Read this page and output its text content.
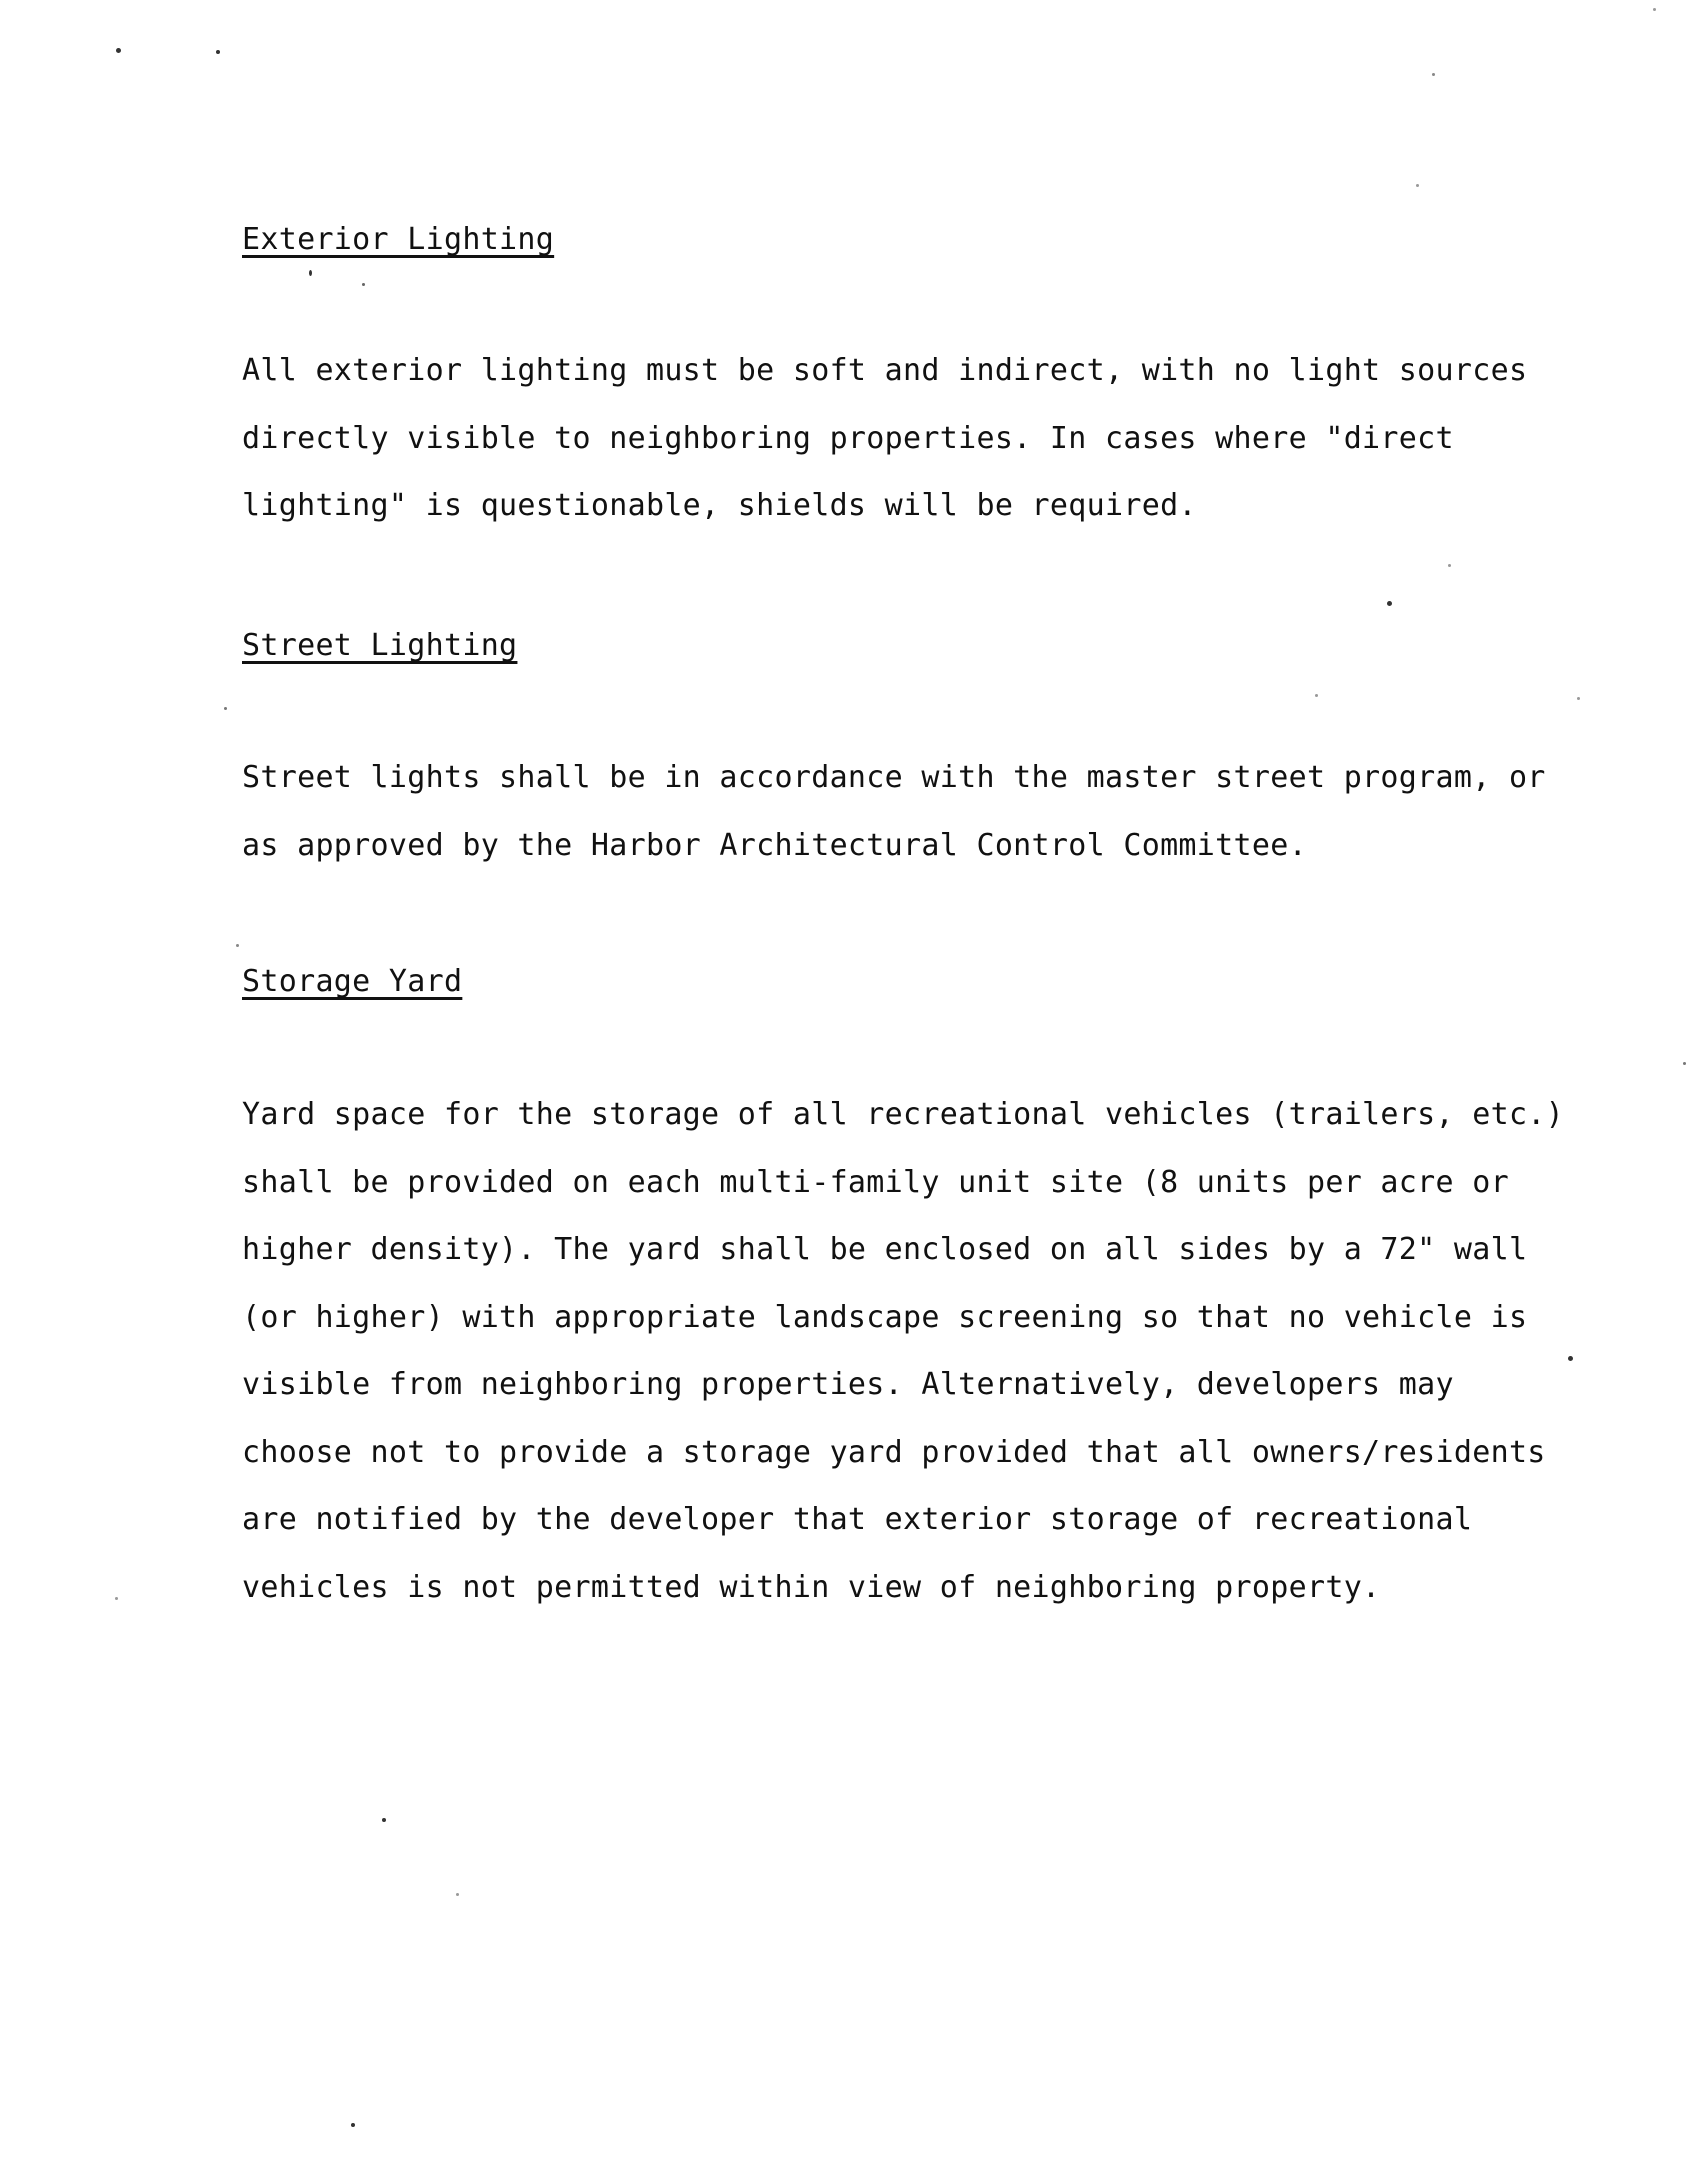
Exterior Lighting

All exterior lighting must be soft and indirect, with no light sources
directly visible to neighboring properties. In cases where "direct
lighting" is questionable, shields will be required.

Street Lighting

Street lights shall be in accordance with the master street program, or
as approved by the Harbor Architectural Control Committee.

Storage Yard

Yard space for the storage of all recreational vehicles (trailers, etc.)
shall be provided on each multi-family unit site (8 units per acre or
higher density). The yard shall be enclosed on all sides by a 72" wall
(or higher) with appropriate landscape screening so that no vehicle is
visible from neighboring properties. Alternatively, developers may
choose not to provide a storage yard provided that all owners/residents
are notified by the developer that exterior storage of recreational
vehicles is not permitted within view of neighboring property.
